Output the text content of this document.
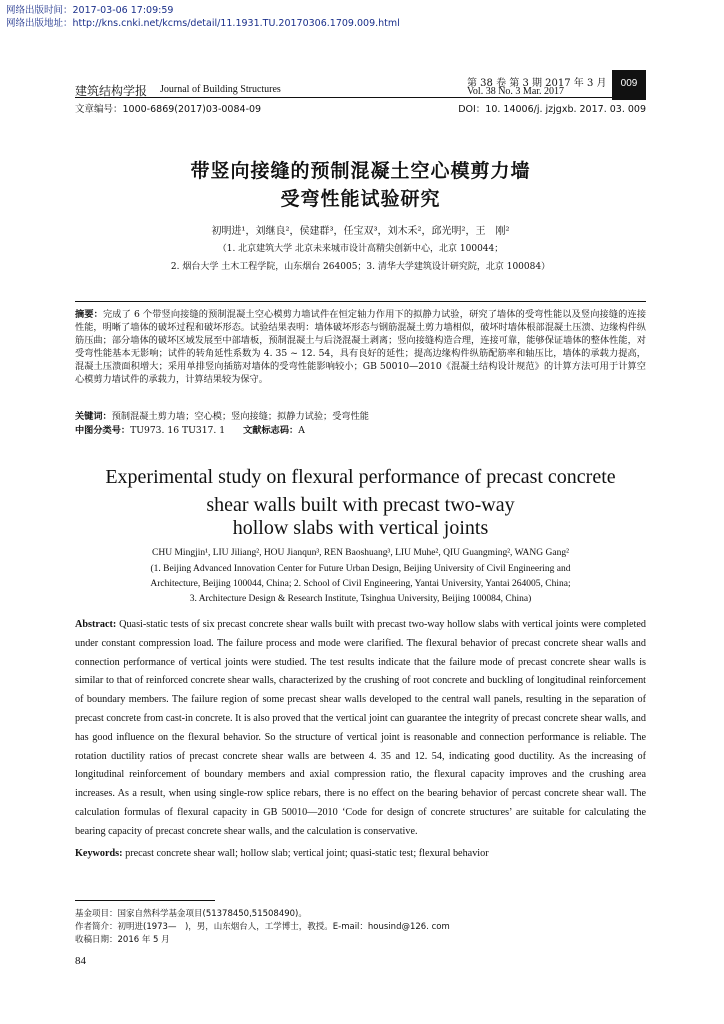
网络出版时间：2017-03-06 17:09:59
网络出版地址：http://kns.cnki.net/kcms/detail/11.1931.TU.20170306.1709.009.html
建筑结构学报 Journal of Building Structures
第 38 卷 第 3 期 2017 年 3 月
Vol. 38 No. 3 Mar. 2017
009
文章编号：1000-6869(2017)03-0084-09	DOI：10. 14006/j. jzjgxb. 2017. 03. 009
带竖向接缝的预制混凝土空心模剪力墙
受弯性能试验研究
初明进¹，刘继良²，侯建群³，任宝双³，刘木禾²，邱光明²，王　刚²
（1. 北京建筑大学 北京未来城市设计高精尖创新中心，北京 100044；
2. 烟台大学 土木工程学院，山东烟台 264005；3. 清华大学建筑设计研究院，北京 100084）
摘要：完成了 6 个带竖向接缝的预制混凝土空心模剪力墙试件在恒定轴力作用下的拟静力试验，研究了墙体的受弯性能以及竖向接缝的连接性能，明晰了墙体的破坏过程和破坏形态。试验结果表明：墙体破坏形态与钢筋混凝土剪力墙相似，破坏时墙体根部混凝土压溃、边缘构件纵筋压曲；部分墙体的破坏区域发展至中部墙板，预制混凝土与后浇混凝土剥离；竖向接缝构造合理，连接可靠，能够保证墙体的整体性能，对受弯性能基本无影响；试件的转角延性系数为 4. 35 ~ 12. 54，具有良好的延性；提高边缘构件纵筋配筋率和轴压比，墙体的承载力提高，混凝土压溃面积增大；采用单排竖向插筋对墙体的受弯性能影响较小；GB 50010—2010《混凝土结构设计规范》的计算方法可用于计算空心模剪力墙试件的承载力，计算结果较为保守。
关键词：预制混凝土剪力墙；空心模；竖向接缝；拟静力试验；受弯性能
中图分类号：TU973. 16 TU317. 1 文献标志码：A
Experimental study on flexural performance of precast concrete
shear walls built with precast two-way
hollow slabs with vertical joints
CHU Mingjin¹, LIU Jiliang², HOU Jianqun³, REN Baoshuang³, LIU Muhe², QIU Guangming², WANG Gang²
(1. Beijing Advanced Innovation Center for Future Urban Design, Beijing University of Civil Engineering and
Architecture, Beijing 100044, China; 2. School of Civil Engineering, Yantai University, Yantai 264005, China;
3. Architecture Design & Research Institute, Tsinghua University, Beijing 100084, China)
Abstract: Quasi-static tests of six precast concrete shear walls built with precast two-way hollow slabs with vertical joints were completed under constant compression load. The failure process and mode were clarified. The flexural behavior of precast concrete shear walls and connection performance of vertical joints were studied. The test results indicate that the failure mode of precast concrete shear walls is similar to that of reinforced concrete shear walls, characterized by the crushing of root concrete and buckling of longitudinal reinforcement of boundary members. The failure region of some precast shear walls developed to the central wall panels, resulting in the separation of precast concrete from cast-in concrete. It is also proved that the vertical joint can guarantee the integrity of precast concrete shear walls, and has good influence on the flexural behavior. So the structure of vertical joint is reasonable and connection performance is reliable. The rotation ductility ratios of precast concrete shear walls are between 4. 35 and 12. 54, indicating good ductility. As the increasing of longitudinal reinforcement of boundary members and axial compression ratio, the flexural capacity improves and the crushing area increases. As a result, when using single-row splice rebars, there is no effect on the bearing behavior of percast concrete shear wall. The calculation formulas of flexural capacity in GB 50010—2010 ‘Code for design of concrete structures’ are suitable for calculating the bearing capacity of precast concrete shear walls, and the calculation is conservative.
Keywords: precast concrete shear wall; hollow slab; vertical joint; quasi-static test; flexural behavior
基金项目：国家自然科学基金项目(51378450,51508490)。
作者简介：初明进(1973—　)，男，山东烟台人，工学博士，教授。E-mail：housind@126. com
收稿日期：2016 年 5 月
84
